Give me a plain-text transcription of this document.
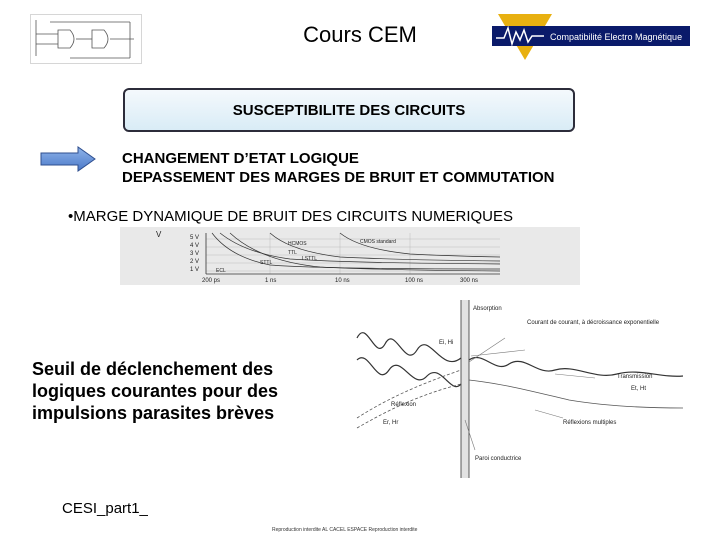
Cours CEM	Compatibilité Electro Magnétique
SUSCEPTIBILITE DES CIRCUITS
CHANGEMENT D’ETAT LOGIQUE
DEPASSEMENT DES MARGES DE BRUIT ET COMMUTATION
•MARGE DYNAMIQUE DE BRUIT DES CIRCUITS NUMERIQUES
V	5 V
4 V
3 V
2 V
1 V
200 ps	1 ns	10 ns	100 ns	300 ns
HCMOS	CMOS standard
TTL
STTL
ECL
LSTTL
Seuil de déclenchement des logiques courantes pour des impulsions parasites brèves
Absorption
Courant de courant, à décroissance exponentielle
Ei, Hi
Transmission
Et, Ht
Réflexion
Er, Hr	Réflexions multiples
Paroi conductrice
CESI_part1_
Reproduction interdite AL CACEL ESPACE Reproduction interdite
